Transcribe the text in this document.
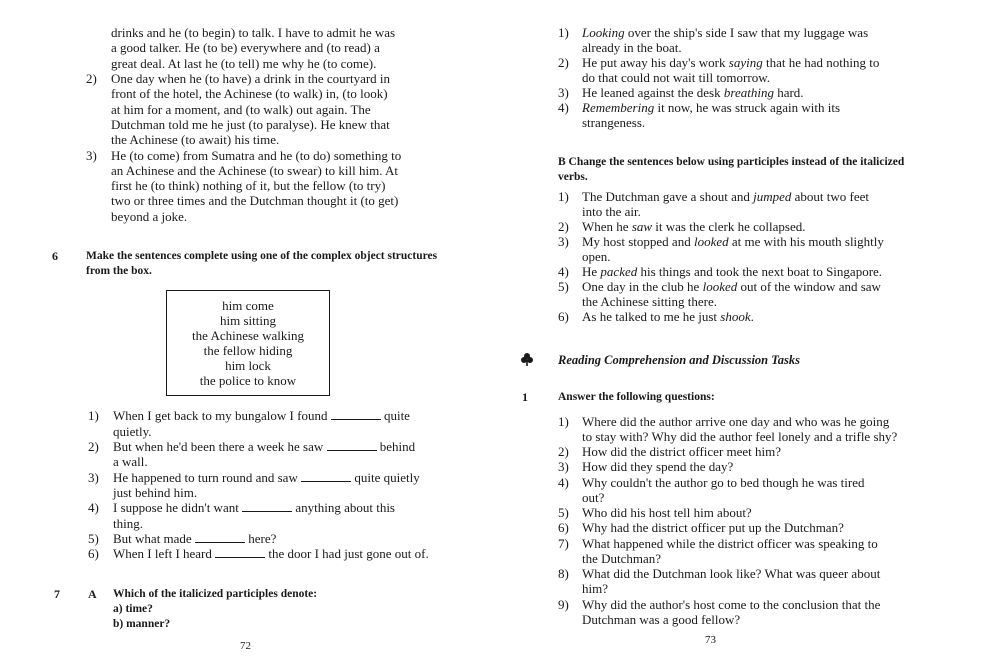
drinks and he (to begin) to talk. I have to admit he was
a good talker. He (to be) everywhere and (to read) a
great deal. At last he (to tell) me why he (to come).
2) One day when he (to have) a drink in the courtyard in
front of the hotel, the Achinese (to walk) in, (to look)
at him for a moment, and (to walk) out again. The
Dutchman told me he just (to paralyse). He knew that
the Achinese (to await) his time.
3) He (to come) from Sumatra and he (to do) something to
an Achinese and the Achinese (to swear) to kill him. At
first he (to think) nothing of it, but the fellow (to try)
two or three times and the Dutchman thought it (to get)
beyond a joke.
6 Make the sentences complete using one of the complex object structures
from the box.
him come
him sitting
the Achinese walking
the fellow hiding
him lock
the police to know
1) When I get back to my bungalow I found	quite
quietly.
2) But when he'd been there a week he saw	behind
a wall.
3) He happened to turn round and saw	quite quietly
just behind him.
4) I suppose he didn't want	anything about this
thing.
5) But what made	here?
6) When I left I heard	the door I had just gone out of.
7 A Which of the italicized participles denote:
a) time?
b) manner?
72
1) Looking over the ship's side I saw that my luggage was
already in the boat.
2) He put away his day's work saying that he had nothing to
do that could not wait till tomorrow.
3) He leaned against the desk breathing hard.
4) Remembering it now, he was struck again with its
strangeness.
B Change the sentences below using participles instead of the italicized
verbs.
1) The Dutchman gave a shout and jumped about two feet
into the air.
2) When he saw it was the clerk he collapsed.
3) My host stopped and looked at me with his mouth slightly
open.
4) He packed his things and took the next boat to Singapore.
5) One day in the club he looked out of the window and saw
the Achinese sitting there.
6) As he talked to me he just shook.
Reading Comprehension and Discussion Tasks
1	Answer the following questions:
1) Where did the author arrive one day and who was he going
to stay with? Why did the author feel lonely and a trifle shy?
2) How did the district officer meet him?
3) How did they spend the day?
4) Why couldn't the author go to bed though he was tired
out?
5) Who did his host tell him about?
6) Why had the district officer put up the Dutchman?
7) What happened while the district officer was speaking to
the Dutchman?
8) What did the Dutchman look like? What was queer about
him?
9) Why did the author's host come to the conclusion that the
Dutchman was a good fellow?
73
